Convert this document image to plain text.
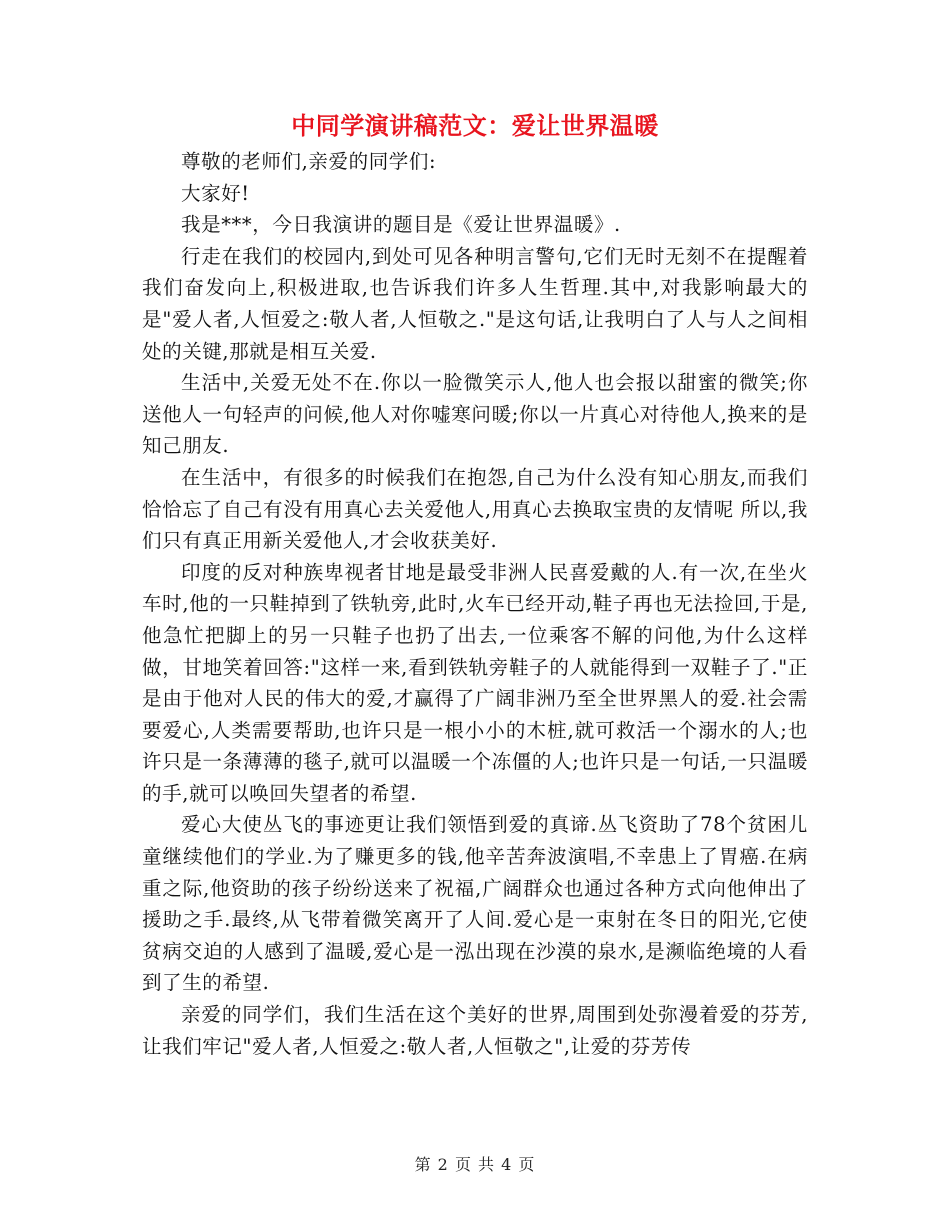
中同学演讲稿范文：爱让世界温暖

尊敬的老师们,亲爱的同学们:

大家好!

我是***，今日我演讲的题目是《爱让世界温暖》.

行走在我们的校园内,到处可见各种明言警句,它们无时无刻不在提醒着我们奋发向上,积极进取,也告诉我们许多人生哲理.其中,对我影响最大的是"爱人者,人恒爱之:敬人者,人恒敬之."是这句话,让我明白了人与人之间相处的关键,那就是相互关爱.

生活中,关爱无处不在.你以一脸微笑示人,他人也会报以甜蜜的微笑;你送他人一句轻声的问候,他人对你嘘寒问暖;你以一片真心对待他人,换来的是知己朋友.

在生活中，有很多的时候我们在抱怨,自己为什么没有知心朋友,而我们恰恰忘了自己有没有用真心去关爱他人,用真心去换取宝贵的友情呢 所以,我们只有真正用新关爱他人,才会收获美好.

印度的反对种族卑视者甘地是最受非洲人民喜爱戴的人.有一次,在坐火车时,他的一只鞋掉到了铁轨旁,此时,火车已经开动,鞋子再也无法捡回,于是,他急忙把脚上的另一只鞋子也扔了出去,一位乘客不解的问他,为什么这样做，甘地笑着回答:"这样一来,看到铁轨旁鞋子的人就能得到一双鞋子了."正是由于他对人民的伟大的爱,才赢得了广阔非洲乃至全世界黑人的爱.社会需要爱心,人类需要帮助,也许只是一根小小的木桩,就可救活一个溺水的人;也许只是一条薄薄的毯子,就可以温暖一个冻僵的人;也许只是一句话,一只温暖的手,就可以唤回失望者的希望.

爱心大使丛飞的事迹更让我们领悟到爱的真谛.丛飞资助了78个贫困儿童继续他们的学业.为了赚更多的钱,他辛苦奔波演唱,不幸患上了胃癌.在病重之际,他资助的孩子纷纷送来了祝福,广阔群众也通过各种方式向他伸出了援助之手.最终,从飞带着微笑离开了人间.爱心是一束射在冬日的阳光,它使贫病交迫的人感到了温暖,爱心是一泓出现在沙漠的泉水,是濒临绝境的人看到了生的希望.

亲爱的同学们，我们生活在这个美好的世界,周围到处弥漫着爱的芬芳,让我们牢记"爱人者,人恒爱之:敬人者,人恒敬之",让爱的芬芳传

第 2 页 共 4 页
